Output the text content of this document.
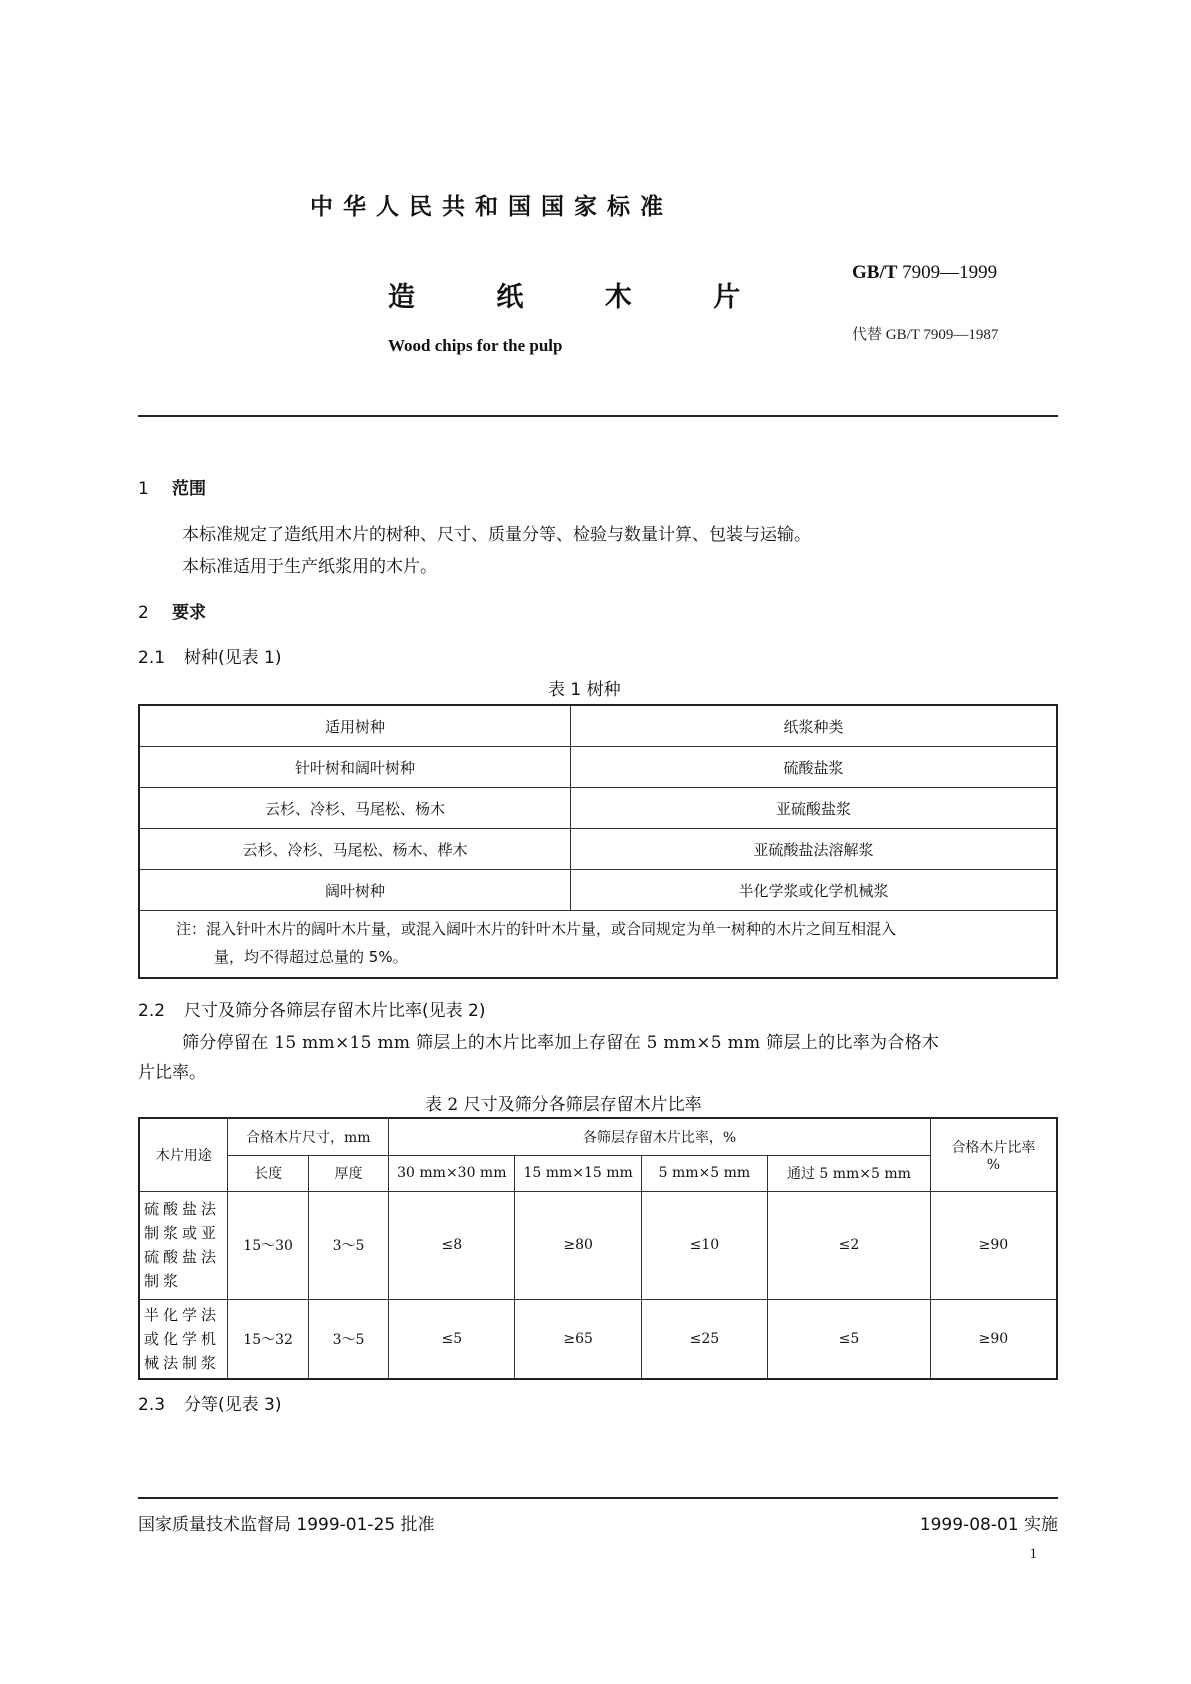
中华人民共和国国家标准
造 纸 木 片
Wood chips for the pulp
GB/T 7909—1999
代替 GB/T 7909—1987
1 范围
本标准规定了造纸用木片的树种、尺寸、质量分等、检验与数量计算、包装与运输。
本标准适用于生产纸浆用的木片。
2 要求
2.1 树种(见表 1)
表 1 树种
适用树种	纸浆种类
针叶树和阔叶树种	硫酸盐浆
云杉、冷杉、马尾松、杨木	亚硫酸盐浆
云杉、冷杉、马尾松、杨木、桦木	亚硫酸盐法溶解浆
阔叶树种	半化学浆或化学机械浆

注：混入针叶木片的阔叶木片量，或混入阔叶木片的针叶木片量，或合同规定为单一树种的木片之间互相混入
量，均不得超过总量的 5%。	
2.2 尺寸及筛分各筛层存留木片比率(见表 2)
筛分停留在 15 mm×15 mm 筛层上的木片比率加上存留在 5 mm×5 mm 筛层上的比率为合格木
片比率。
表 2 尺寸及筛分各筛层存留木片比率
木片用途	合格木片尺寸，mm		各筛层存留木片比率，%				合格木片比率
%

	长度	厚度	30 mm×30 mm	15 mm×15 mm	5 mm×5 mm	通过 5 mm×5 mm	
硫酸盐法制浆或亚硫酸盐法制浆	15～30	3～5	≤8	≥80	≤10	≤2	≥90
半化学法或化学机械法制浆	15～32	3～5	≤5	≥65	≤25	≤5	≥90
2.3 分等(见表 3)
国家质量技术监督局 1999-01-25 批准	1999-08-01 实施
1
